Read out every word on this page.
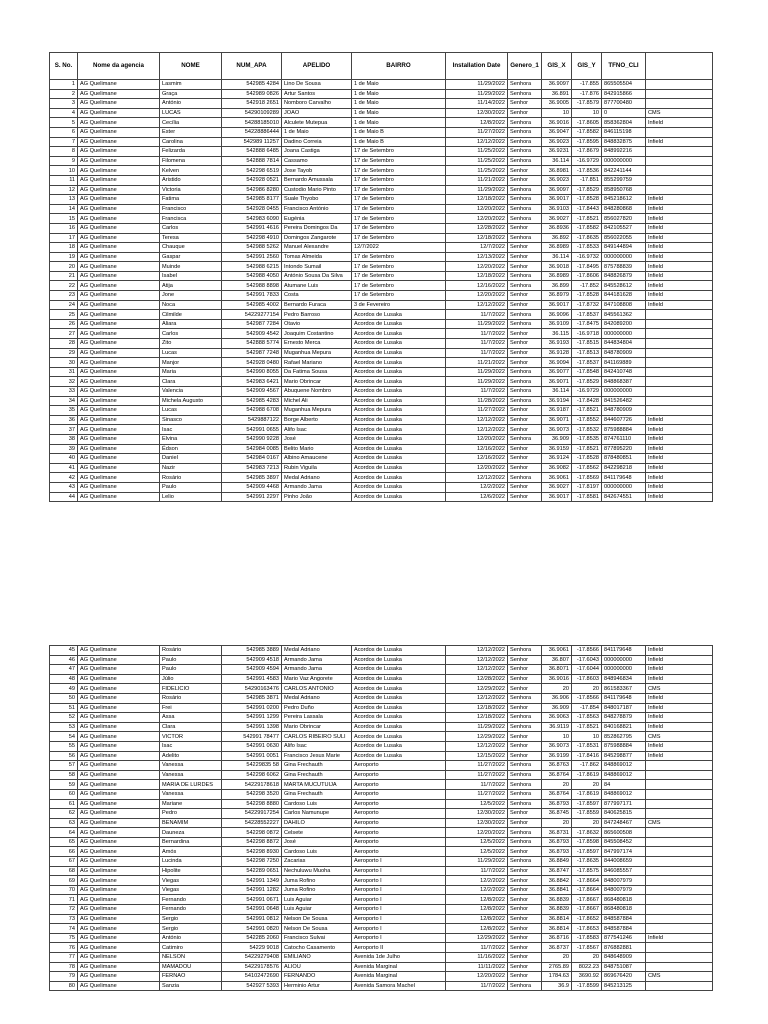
S. No.	Nome da agencia	NOME	NUM_APA	APELIDO	BAIRRO	Installation Date	Genero_1	GIS_X	GIS_Y	TFNO_CLI	
1	AG Quelimane	Lasmim	542985 4284	Lino De Sousa	1 de Maio	11/29/2022	Senhora	36.9097	-17.855	865505504	
2	AG Quelimane	Graça	542989 0826	Artur Santos	1 de Maio	11/29/2022	Senhora	36.891	-17.876	842915866	
3	AG Quelimane	António	542918 2651	Nomboro Carvalho	1 de Maio	11/14/2022	Senhor	36.9005	-17.8579	877700480	
4	AG Quelimane	LUCAS	54290109289	JOAO	1 de Maio	12/30/2022	Senhor	10	10	0	CMS
5	AG Quelimane	Cecília	54288185010	Alculete Mutepua	1 de Maio	12/8/2022	Senhora	36.9016	-17.8605	858362804	Infield
6	AG Quelimane	Ester	54228886444	1 de Maio	1 de Maio B	11/27/2022	Senhora	36.9047	-17.8582	846115198	
7	AG Quelimane	Carolina	542989 11257	Dadino Correia	1 de Maio B	12/12/2022	Senhora	36.9023	-17.8595	848832875	Infield
8	AG Quelimane	Felizarda	542888 6485	Joana Castiga	17 de Setembro	11/25/2022	Senhora	36.9231	-17.8679	848992216	
9	AG Quelimane	Filomena	542888 7814	Cassamo	17 de Setembro	11/25/2022	Senhora	36.114	-16.9729	000000000	
10	AG Quelimane	Kelven	542298 6519	Jose Tayob	17 de Setembro	11/25/2022	Senhor	36.8981	-17.8536	842241144	
11	AG Quelimane	Aristido	542928 0521	Bernardo Amussala	17 de Setembro	11/21/2022	Senhor	36.9023	-17.851	855299759	
12	AG Quelimane	Victoria	542986 8280	Custodio Mario Pinto	17 de Setembro	11/29/2022	Senhora	36.9097	-17.8529	858950768	
13	AG Quelimane	Fatima	542985 8177	Suale Thyobo	17 de Setembro	12/18/2022	Senhora	36.9017	-17.8528	845218612	Infield
14	AG Quelimane	Francisco	542928 0455	Francisco António	17 de Setembro	12/20/2022	Senhora	36.9103	-17.8443	848280868	Infield
15	AG Quelimane	Francisca	542983 6090	Eugénia	17 de Setembro	12/20/2022	Senhora	36.9027	-17.8521	856027820	Infield
16	AG Quelimane	Carlos	542991 4616	Pereira Domingos Da	17 de Setembro	12/28/2022	Senhor	36.8936	-17.8582	842105527	Infield
17	AG Quelimane	Teresa	542298 4910	Domingos Zangarote	17 de Setembro	12/18/2022	Senhora	36.892	-17.8635	856022055	Infield
18	AG Quelimane	Chauque	542988 5262	Manuel Alexandre	12/7/2022	12/7/2022	Senhor	36.8989	-17.8533	849144894	Infield
19	AG Quelimane	Gaspar	542991 2560	Tomas Almeida	17 de Setembro	12/13/2022	Senhor	36.114	-16.9732	000000000	Infield
20	AG Quelimane	Muinde	542988 6215	Intondo Sumail	17 de Setembro	12/20/2022	Senhor	36.9018	-17.8495	875788839	Infield
21	AG Quelimane	Isabel	542988 4050	António Sousa Da Silva	17 de Setembro	12/18/2022	Senhora	36.8989	-17.8606	848826879	Infield
22	AG Quelimane	Atija	542988 8898	Atumane Luis	17 de Setembro	12/16/2022	Senhora	36.899	-17.852	845528612	Infield
23	AG Quelimane	Jone	542991 7833	Costa	17 de Setembro	12/20/2022	Senhor	36.8979	-17.8528	844181628	Infield
24	AG Quelimane	Noca	542985 4002	Bernardo Furaca	3 de Fevereiro	12/12/2022	Senhor	36.9017	-17.8732	847108808	Infield
25	AG Quelimane	Cilmilde	54229277154	Pedro Barroso	Acordos de Lusaka	11/7/2022	Senhora	36.9096	-17.8537	845561362	
26	AG Quelimane	Aliara	542987 7284	Otavio	Acordos de Lusaka	11/29/2022	Senhora	36.9109	-17.8475	842089200	
27	AG Quelimane	Carlos	542909 4542	Joaquim Costantino	Acordos de Lusaka	11/7/2022	Senhor	36.115	-16.9718	000000000	
28	AG Quelimane	Zito	542888 5774	Ernesto Merca	Acordos de Lusaka	11/7/2022	Senhor	36.9193	-17.8515	844834804	
29	AG Quelimane	Lucas	542987 7248	Muganhua Mepura	Acordos de Lusaka	11/7/2022	Senhor	36.9128	-17.8513	848780909	
30	AG Quelimane	Manjor	542928 0480	Rafael Mariano	Acordos de Lusaka	11/21/2022	Senhor	36.9094	-17.8537	841169889	
31	AG Quelimane	Maria	542990 8055	Da Fatima Sousa	Acordos de Lusaka	11/29/2022	Senhora	36.9077	-17.8548	842410748	
32	AG Quelimane	Clara	542983 6421	Mario Obrincar	Acordos de Lusaka	11/29/2022	Senhora	36.9071	-17.8529	848868387	
33	AG Quelimane	Valencia	542909 4567	Abuquene Nombro	Acordos de Lusaka	11/7/2022	Senhora	36.114	-16.9729	000000000	
34	AG Quelimane	Michela Augusto	542985 4283	Michel Ali	Acordos de Lusaka	11/28/2022	Senhora	36.9194	-17.8428	841526482	
35	AG Quelimane	Lucas	542988 6708	Muganhua Mepura	Acordos de Lusaka	11/27/2022	Senhor	36.9187	-17.8521	848780909	
36	AG Quelimane	Sinasco	5429887122	Borge Alberto	Acordos de Lusaka	12/12/2022	Senhor	36.9071	-17.8552	844607726	Infield
37	AG Quelimane	Isac	542991 0655	Alifo Isac	Acordos de Lusaka	12/12/2022	Senhor	36.9073	-17.8532	875988884	Infield
38	AG Quelimane	Elvina	542990 9228	José	Acordos de Lusaka	12/20/2022	Senhora	36.909	-17.8535	874761110	Infield
39	AG Quelimane	Édson	542984 0085	Belito Mario	Acordos de Lusaka	12/16/2022	Senhor	36.9159	-17.8521	877895220	Infield
40	AG Quelimane	Daniel	542984 0167	Albino Amaucene	Acordos de Lusaka	12/16/2022	Senhor	36.9124	-17.8528	878480851	Infield
41	AG Quelimane	Nazir	542983 7213	Rubin Viguila	Acordos de Lusaka	12/20/2022	Senhor	36.9082	-17.8562	842298218	Infield
42	AG Quelimane	Rosário	542985 3897	Medal Adriano	Acordos de Lusaka	12/12/2022	Senhora	36.9061	-17.8569	841179648	Infield
43	AG Quelimane	Paulo	542909 4468	Armando Jama	Acordos de Lusaka	12/2/2022	Senhor	36.9027	-17.8197	000000000	Infield
44	AG Quelimane	Lelio	542991 2297	Pinho João	Acordos de Lusaka	12/6/2022	Senhor	36.9017	-17.8581	842674551	Infield
45	AG Quelimane	Rosário	542985 3889	Medal Adriano	Acordos de Lusaka	12/12/2022	Senhora	36.9061	-17.8566	841179648	Infield
46	AG Quelimane	Paulo	542909 4518	Armando Jama	Acordos de Lusaka	12/12/2022	Senhor	36.807	-17.6043	000000000	Infield
47	AG Quelimane	Paulo	542909 4594	Armando Jama	Acordos de Lusaka	12/12/2022	Senhor	36.8071	-17.6044	000000000	Infield
48	AG Quelimane	Júlio	542991 4583	Mario Vaz Angorete	Acordos de Lusaka	12/28/2022	Senhor	36.9016	-17.8603	848946834	Infield
49	AG Quelimane	FIDELICIO	54290163476	CARLOS ANTONIO	Acordos de Lusaka	12/29/2022	Senhor	20	20	861583367	CMS
50	AG Quelimane	Rosário	542985 3871	Medal Adriano	Acordos de Lusaka	12/12/2022	Senhora	36.906	-17.8566	841179648	Infield
51	AG Quelimane	Frei	542991 0200	Pedro Duño	Acordos de Lusaka	12/18/2022	Senhor	36.909	-17.854	848017187	Infield
52	AG Quelimane	Assa	542991 1299	Pereira Lassala	Acordos de Lusaka	12/18/2022	Senhora	36.9063	-17.8563	848278879	Infield
53	AG Quelimane	Clara	542991 1398	Mario Obrincar	Acordos de Lusaka	11/29/2022	Senhora	36.9119	-17.8521	840168821	Infield
54	AG Quelimane	VICTOR	542991 78477	CARLOS RIBEIRO SULI	Acordos de Lusaka	12/29/2022	Senhor	10	10	852862795	CMS
55	AG Quelimane	Isac	542991 0630	Alifo Isac	Acordos de Lusaka	12/12/2022	Senhor	36.9073	-17.8531	875988884	Infield
56	AG Quelimane	Adelito	542991 0051	Francisco Jesus Marie	Acordos de Lusaka	12/15/2022	Senhor	36.9199	-17.8416	845298877	Infield
57	AG Quelimane	Vanessa	54229835 58	Gina Frechauth	Aeroporto	11/27/2022	Senhora	36.8763	-17.862	848869012	
58	AG Quelimane	Vanessa	542298 6062	Gina Frechauth	Aeroporto	11/27/2022	Senhora	36.8764	-17.8619	848869012	
59	AG Quelimane	MARIA DE LURDES	54229178618	MARTA MUCUTUIJA	Aeroporto	11/7/2022	Senhora	20	20	84	
60	AG Quelimane	Vanessa	542298 3520	Gina Frechauth	Aeroporto	11/27/2022	Senhora	36.8764	-17.8619	848869012	
61	AG Quelimane	Mariane	542298 8880	Cardoso Luis	Aeroporto	12/5/2022	Senhora	36.8793	-17.8597	877997171	
62	AG Quelimane	Pedro	54229917254	Carlos Namunupe	Aeroporto	12/30/2022	Senhor	36.8745	-17.8559	840625815	
63	AG Quelimane	BENAMIM	54228552227	DAHILO	Aeroporto	12/30/2022	Senhor	20	20	847248467	CMS
64	AG Quelimane	Dauneza	542298 0872	Celsete	Aeroporto	12/20/2022	Senhora	36.8731	-17.8632	865600508	
65	AG Quelimane	Bernardina	542298 8872	José	Aeroporto	12/5/2022	Senhora	36.8793	-17.8598	845508452	
66	AG Quelimane	Amós	542298 8930	Cardoso Luis	Aeroporto	12/5/2022	Senhor	36.8793	-17.8597	847997174	
67	AG Quelimane	Lucinda	542298 7250	Zacarias	Aeroporto I	11/29/2022	Senhora	36.8849	-17.8635	844008659	
68	AG Quelimane	Hipolite	542289 0651	Nechuluwu Muoha	Aeroporto I	11/7/2022	Senhor	36.8747	-17.8575	846085557	
69	AG Quelimane	Viegas	542991 1349	Juma Rofino	Aeroporto I	12/2/2022	Senhor	36.8842	-17.8664	848007979	
70	AG Quelimane	Viegas	542991 1282	Juma Rofino	Aeroporto I	12/2/2022	Senhor	36.8841	-17.8664	848007979	
71	AG Quelimane	Fernando	542991 0671	Luis Aguiar	Aeroporto I	12/8/2022	Senhor	36.8839	-17.8667	868480818	
72	AG Quelimane	Fernando	542991 0648	Luis Aguiar	Aeroporto I	12/8/2022	Senhor	36.8839	-17.8667	868480818	
73	AG Quelimane	Sergio	542991 0812	Nelson De Sousa	Aeroporto I	12/8/2022	Senhor	36.8814	-17.8652	848587884	
74	AG Quelimane	Sergio	542991 0820	Nelson De Sousa	Aeroporto I	12/8/2022	Senhor	36.8814	-17.8653	848587884	
75	AG Quelimane	António	542285 2060	Francisco Sulvai	Aeroporto I	12/29/2022	Senhor	36.8716	-17.8583	877541246	Infield
76	AG Quelimane	Catimiro	54229 9018	Catocho Casamento	Aeroporto II	11/7/2022	Senhor	36.8737	-17.8567	876882881	
77	AG Quelimane	NELSON	54229279408	EMILIANO	Avenida 1de Julho	11/16/2022	Senhor	20	20	848648909	
78	AG Quelimane	MAMADOU	54229178576	ALIOU	Avenida Marginal	11/11/2022	Senhor	2765.89	8022.23	848751087	
79	AG Quelimane	FERNAO	54102472690	FERNANDO	Avenida Marginal	12/20/2022	Senhor	1784.63	3690.92	869676420	CMS
80	AG Quelimane	Sanzia	542927 5393	Herminio Artur	Avenida Samora Machel	11/7/2022	Senhora	36.9	-17.8599	845213125	
